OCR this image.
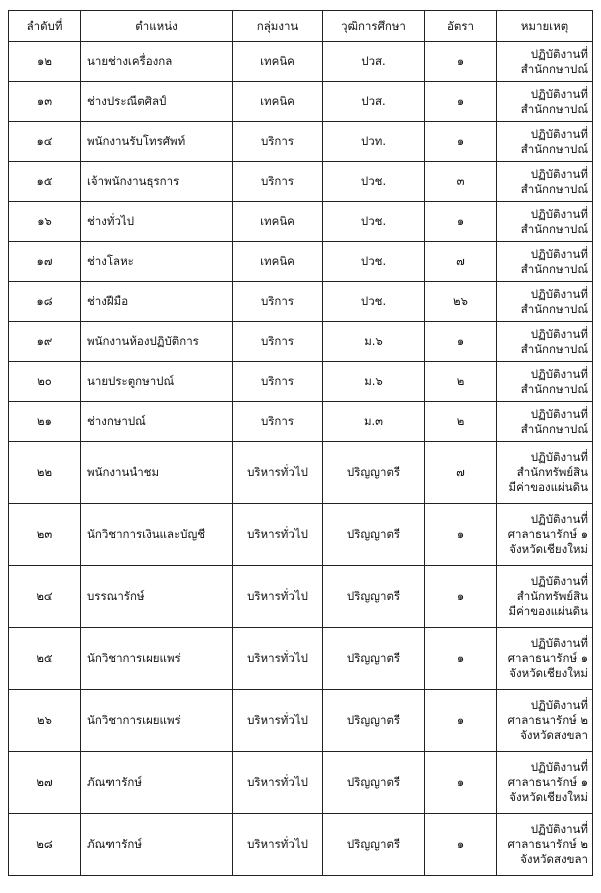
ลำดับที่	ตำแหน่ง	กลุ่มงาน	วุฒิการศึกษา	อัตรา	หมายเหตุ
๑๒	นายช่างเครื่องกล	เทคนิค	ปวส.	๑	ปฏิบัติงานที่
สำนักกษาปณ์

๑๓	ช่างประณีตศิลป์	เทคนิค	ปวส.	๑	ปฏิบัติงานที่
สำนักกษาปณ์

๑๔	พนักงานรับโทรศัพท์	บริการ	ปวท.	๑	ปฏิบัติงานที่
สำนักกษาปณ์

๑๕	เจ้าพนักงานธุรการ	บริการ	ปวช.	๓	ปฏิบัติงานที่
สำนักกษาปณ์

๑๖	ช่างทั่วไป	เทคนิค	ปวช.	๑	ปฏิบัติงานที่
สำนักกษาปณ์

๑๗	ช่างโลหะ	เทคนิค	ปวช.	๗	ปฏิบัติงานที่
สำนักกษาปณ์

๑๘	ช่างฝีมือ	บริการ	ปวช.	๒๖	ปฏิบัติงานที่
สำนักกษาปณ์

๑๙	พนักงานห้องปฏิบัติการ	บริการ	ม.๖	๑	ปฏิบัติงานที่
สำนักกษาปณ์

๒๐	นายประตูกษาปณ์	บริการ	ม.๖	๒	ปฏิบัติงานที่
สำนักกษาปณ์

๒๑	ช่างกษาปณ์	บริการ	ม.๓	๒	ปฏิบัติงานที่
สำนักกษาปณ์

๒๒	พนักงานนำชม	บริหารทั่วไป	ปริญญาตรี	๗	ปฏิบัติงานที่
สำนักทรัพย์สิน
มีค่าของแผ่นดิน

๒๓	นักวิชาการเงินและบัญชี	บริหารทั่วไป	ปริญญาตรี	๑	ปฏิบัติงานที่
ศาลาธนารักษ์ ๑
จังหวัดเชียงใหม่

๒๔	บรรณารักษ์	บริหารทั่วไป	ปริญญาตรี	๑	ปฏิบัติงานที่
สำนักทรัพย์สิน
มีค่าของแผ่นดิน

๒๕	นักวิชาการเผยแพร่	บริหารทั่วไป	ปริญญาตรี	๑	ปฏิบัติงานที่
ศาลาธนารักษ์ ๑
จังหวัดเชียงใหม่

๒๖	นักวิชาการเผยแพร่	บริหารทั่วไป	ปริญญาตรี	๑	ปฏิบัติงานที่
ศาลาธนารักษ์ ๒
จังหวัดสงขลา

๒๗	ภัณฑารักษ์	บริหารทั่วไป	ปริญญาตรี	๑	ปฏิบัติงานที่
ศาลาธนารักษ์ ๑
จังหวัดเชียงใหม่

๒๘	ภัณฑารักษ์	บริหารทั่วไป	ปริญญาตรี	๑	ปฏิบัติงานที่
ศาลาธนารักษ์ ๒
จังหวัดสงขลา
